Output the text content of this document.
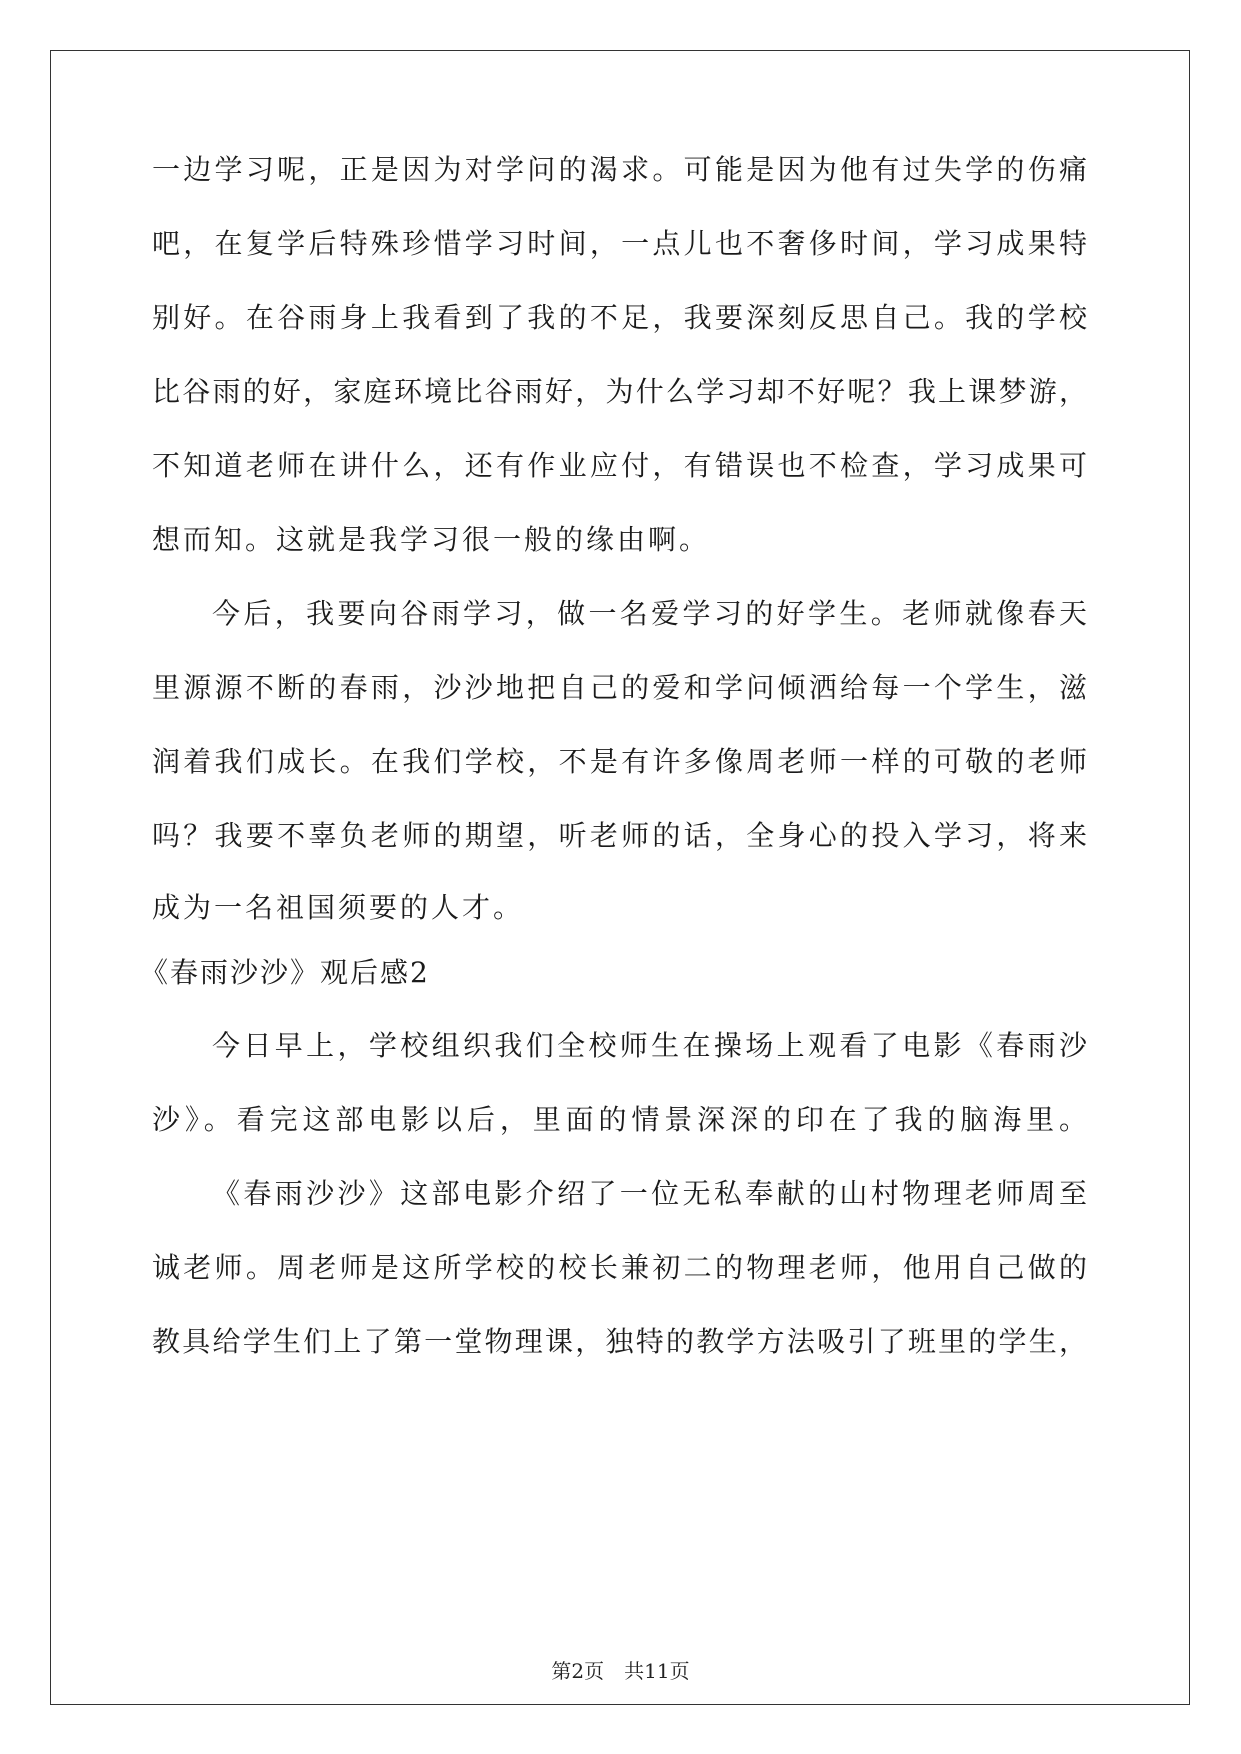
一边学习呢，正是因为对学问的渴求。可能是因为他有过失学的伤痛
吧，在复学后特殊珍惜学习时间，一点儿也不奢侈时间，学习成果特
别好。在谷雨身上我看到了我的不足，我要深刻反思自己。我的学校
比谷雨的好，家庭环境比谷雨好，为什么学习却不好呢？我上课梦游，
不知道老师在讲什么，还有作业应付，有错误也不检查，学习成果可
想而知。这就是我学习很一般的缘由啊。
今后，我要向谷雨学习，做一名爱学习的好学生。老师就像春天
里源源不断的春雨，沙沙地把自己的爱和学问倾洒给每一个学生，滋
润着我们成长。在我们学校，不是有许多像周老师一样的可敬的老师
吗？我要不辜负老师的期望，听老师的话，全身心的投入学习，将来
成为一名祖国须要的人才。
《春雨沙沙》观后感2
今日早上，学校组织我们全校师生在操场上观看了电影《春雨沙
沙》。看完这部电影以后，里面的情景深深的印在了我的脑海里。
《春雨沙沙》这部电影介绍了一位无私奉献的山村物理老师周至
诚老师。周老师是这所学校的校长兼初二的物理老师，他用自己做的
教具给学生们上了第一堂物理课，独特的教学方法吸引了班里的学生，
第2页　共11页
